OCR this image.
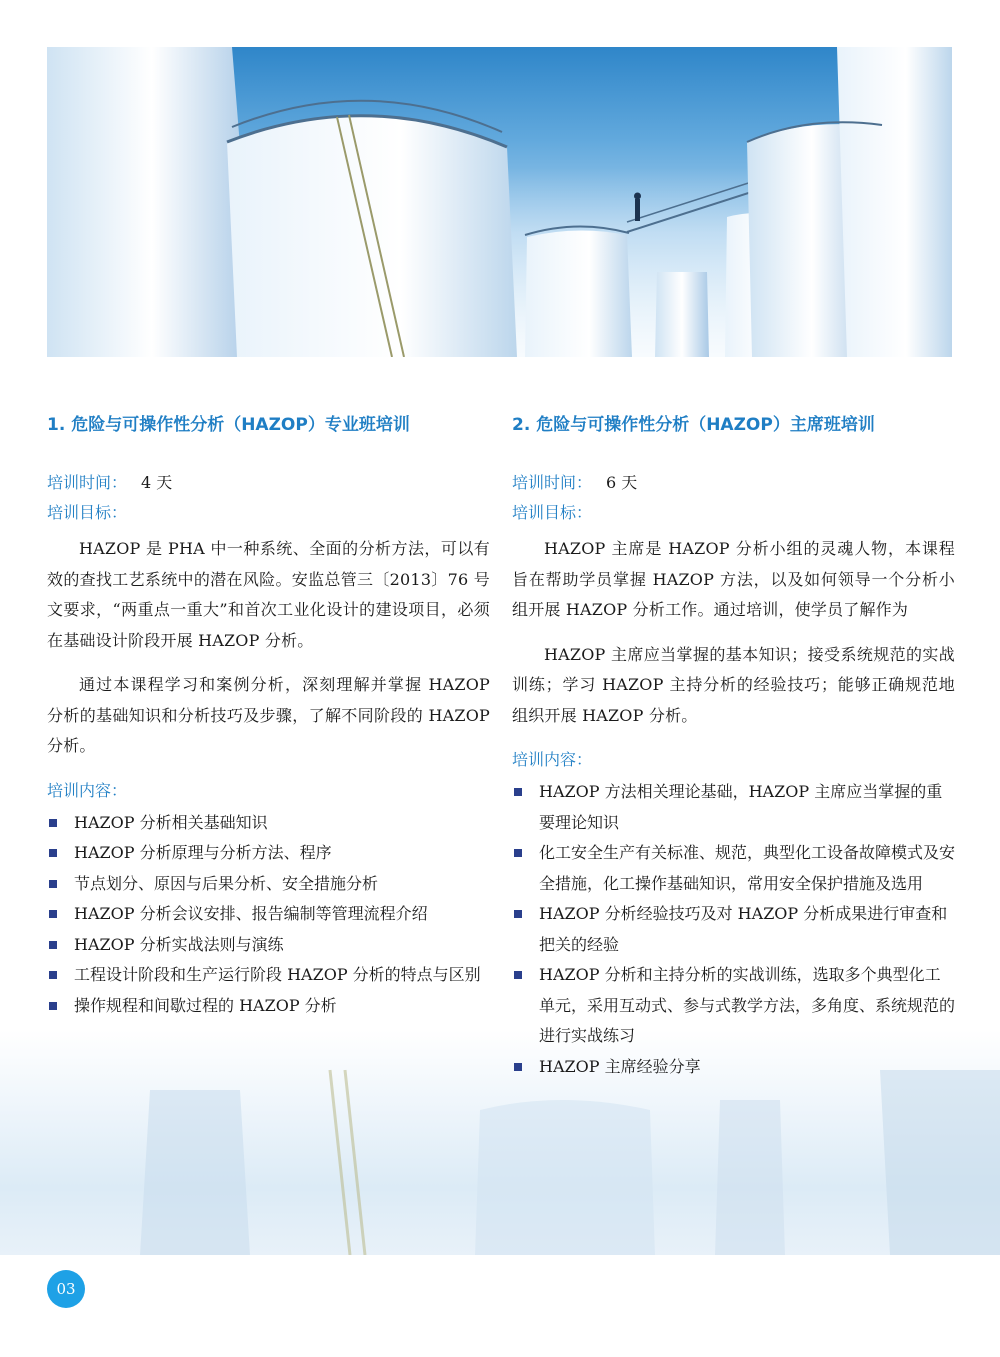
1. 危险与可操作性分析（HAZOP）专业班培训

培训时间： 4 天

培训目标：

HAZOP 是 PHA 中一种系统、全面的分析方法，可以有效的查找工艺系统中的潜在风险。安监总管三〔2013〕76 号文要求，“两重点一重大”和首次工业化设计的建设项目，必须在基础设计阶段开展 HAZOP 分析。

通过本课程学习和案例分析，深刻理解并掌握 HAZOP 分析的基础知识和分析技巧及步骤，了解不同阶段的 HAZOP 分析。

培训内容：

HAZOP 分析相关基础知识
HAZOP 分析原理与分析方法、程序
节点划分、原因与后果分析、安全措施分析
HAZOP 分析会议安排、报告编制等管理流程介绍
HAZOP 分析实战法则与演练
工程设计阶段和生产运行阶段 HAZOP 分析的特点与区别
操作规程和间歇过程的 HAZOP 分析
2. 危险与可操作性分析（HAZOP）主席班培训

培训时间： 6 天

培训目标：

HAZOP 主席是 HAZOP 分析小组的灵魂人物，本课程旨在帮助学员掌握 HAZOP 方法，以及如何领导一个分析小组开展 HAZOP 分析工作。通过培训，使学员了解作为

HAZOP 主席应当掌握的基本知识；接受系统规范的实战训练；学习 HAZOP 主持分析的经验技巧；能够正确规范地组织开展 HAZOP 分析。

培训内容：

HAZOP 方法相关理论基础，HAZOP 主席应当掌握的重要理论知识
化工安全生产有关标准、规范，典型化工设备故障模式及安全措施，化工操作基础知识，常用安全保护措施及选用
HAZOP 分析经验技巧及对 HAZOP 分析成果进行审查和把关的经验
HAZOP 分析和主持分析的实战训练，选取多个典型化工单元，采用互动式、参与式教学方法，多角度、系统规范的进行实战练习
HAZOP 主席经验分享
03
